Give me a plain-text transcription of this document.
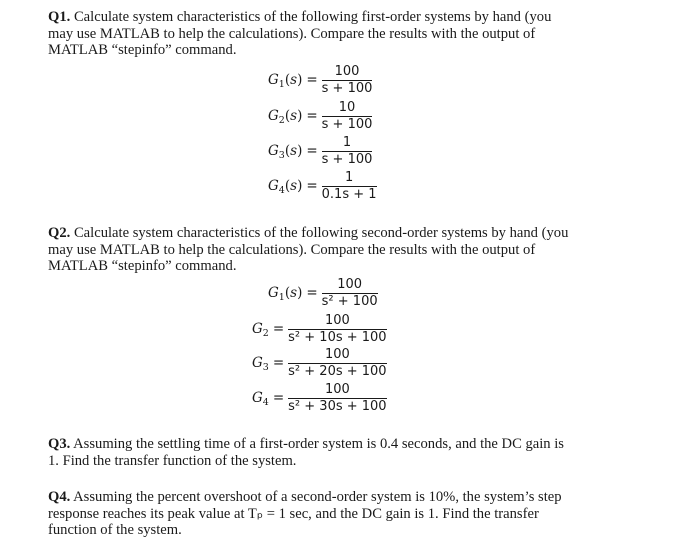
Q1. Calculate system characteristics of the following first-order systems by hand (you
may use MATLAB to help the calculations). Compare the results with the output of
MATLAB “stepinfo” command.
$G_1(s) = \frac{100}{s + 100}$
$G_2(s) = \frac{10}{s + 100}$
$G_3(s) = \frac{1}{s + 100}$
$G_4(s) = \frac{1}{0.1s + 1}$
Q2. Calculate system characteristics of the following second-order systems by hand (you
may use MATLAB to help the calculations). Compare the results with the output of
MATLAB “stepinfo” command.
$G_1(s) = \frac{100}{\text{s² + 100}}$
$G_2 = \frac{100}{\text{s² + 10s + 100}}$
$G_3 = \frac{100}{\text{s² + 20s + 100}}$
$G_4 = \frac{100}{\text{s² + 30s + 100}}$
Q3. Assuming the settling time of a first-order system is 0.4 seconds, and the DC gain is
1. Find the transfer function of the system.
Q4. Assuming the percent overshoot of a second-order system is 10%, the system’s step
response reaches its peak value at Tₚ = 1 sec, and the DC gain is 1. Find the transfer
function of the system.
